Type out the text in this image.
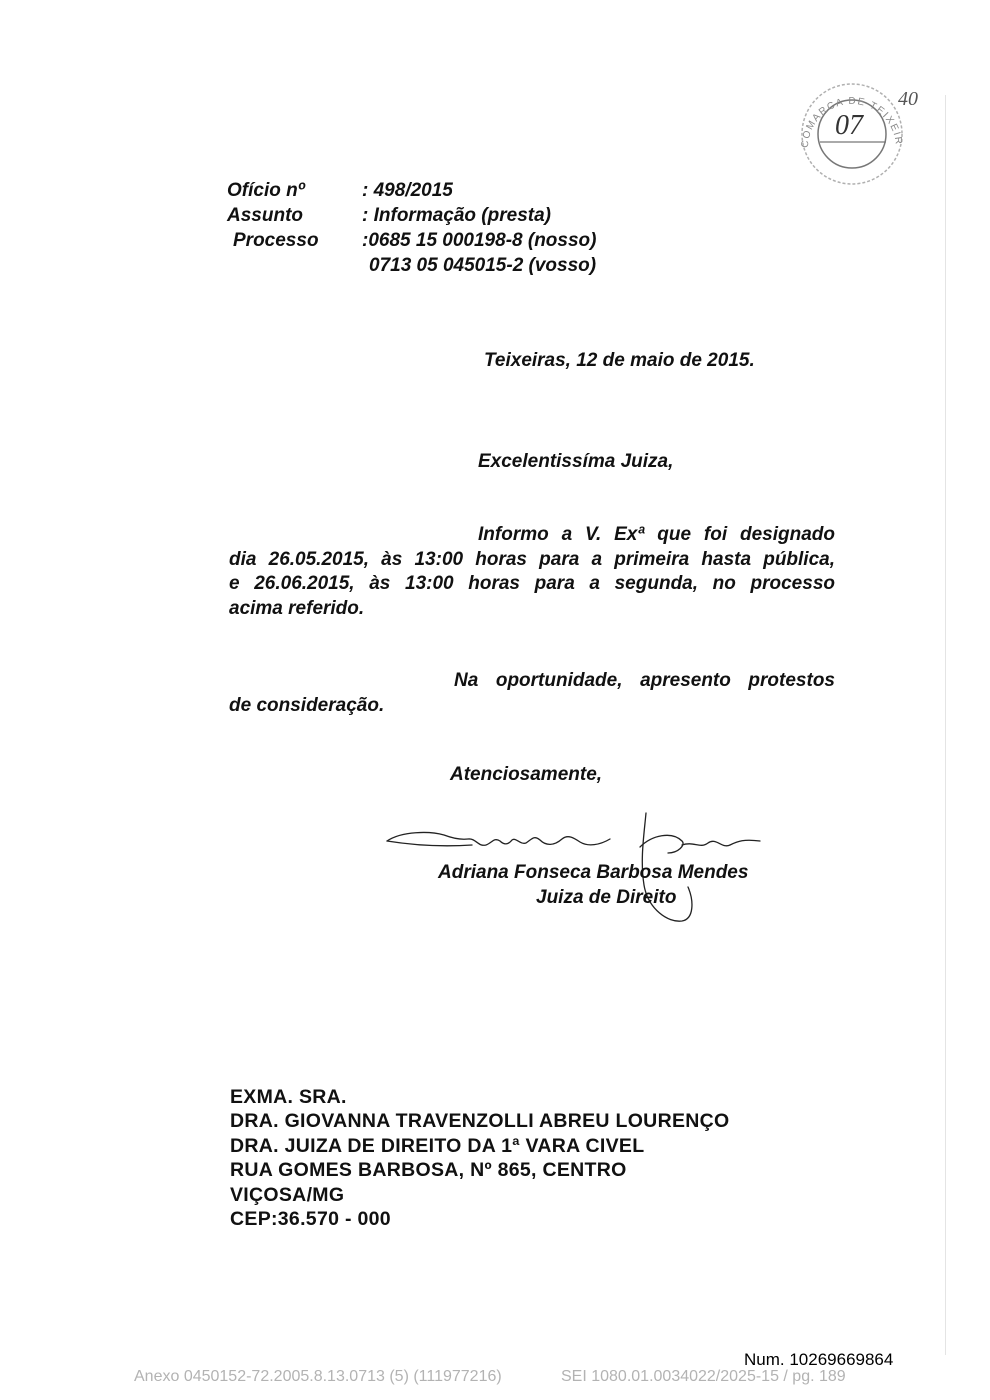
COMARCA DE TEIXEIR
07
40
Ofício nº	: 498/2015
Assunto	: Informação (presta)
Processo :0685 15 000198-8 (nosso)
0713 05 045015-2 (vosso)
Teixeiras, 12 de maio de 2015.
Excelentissíma Juiza,
Informo a V. Exª que foi designado
dia 26.05.2015, às 13:00 horas para a primeira hasta pública,
e 26.06.2015, às 13:00 horas para a segunda, no processo
acima referido.
Na oportunidade, apresento protestos
de consideração.
Atenciosamente,
Adriana Fonseca Barbosa Mendes
Juiza de Direito
EXMA. SRA.
DRA. GIOVANNA TRAVENZOLLI ABREU LOURENÇO
DRA. JUIZA DE DIREITO DA 1ª VARA CIVEL
RUA GOMES BARBOSA, Nº 865, CENTRO
VIÇOSA/MG
CEP:36.570 - 000
Num. 10269669864
Anexo 0450152-72.2005.8.13.0713 (5) (111977216)	SEI 1080.01.0034022/2025-15 / pg. 189
